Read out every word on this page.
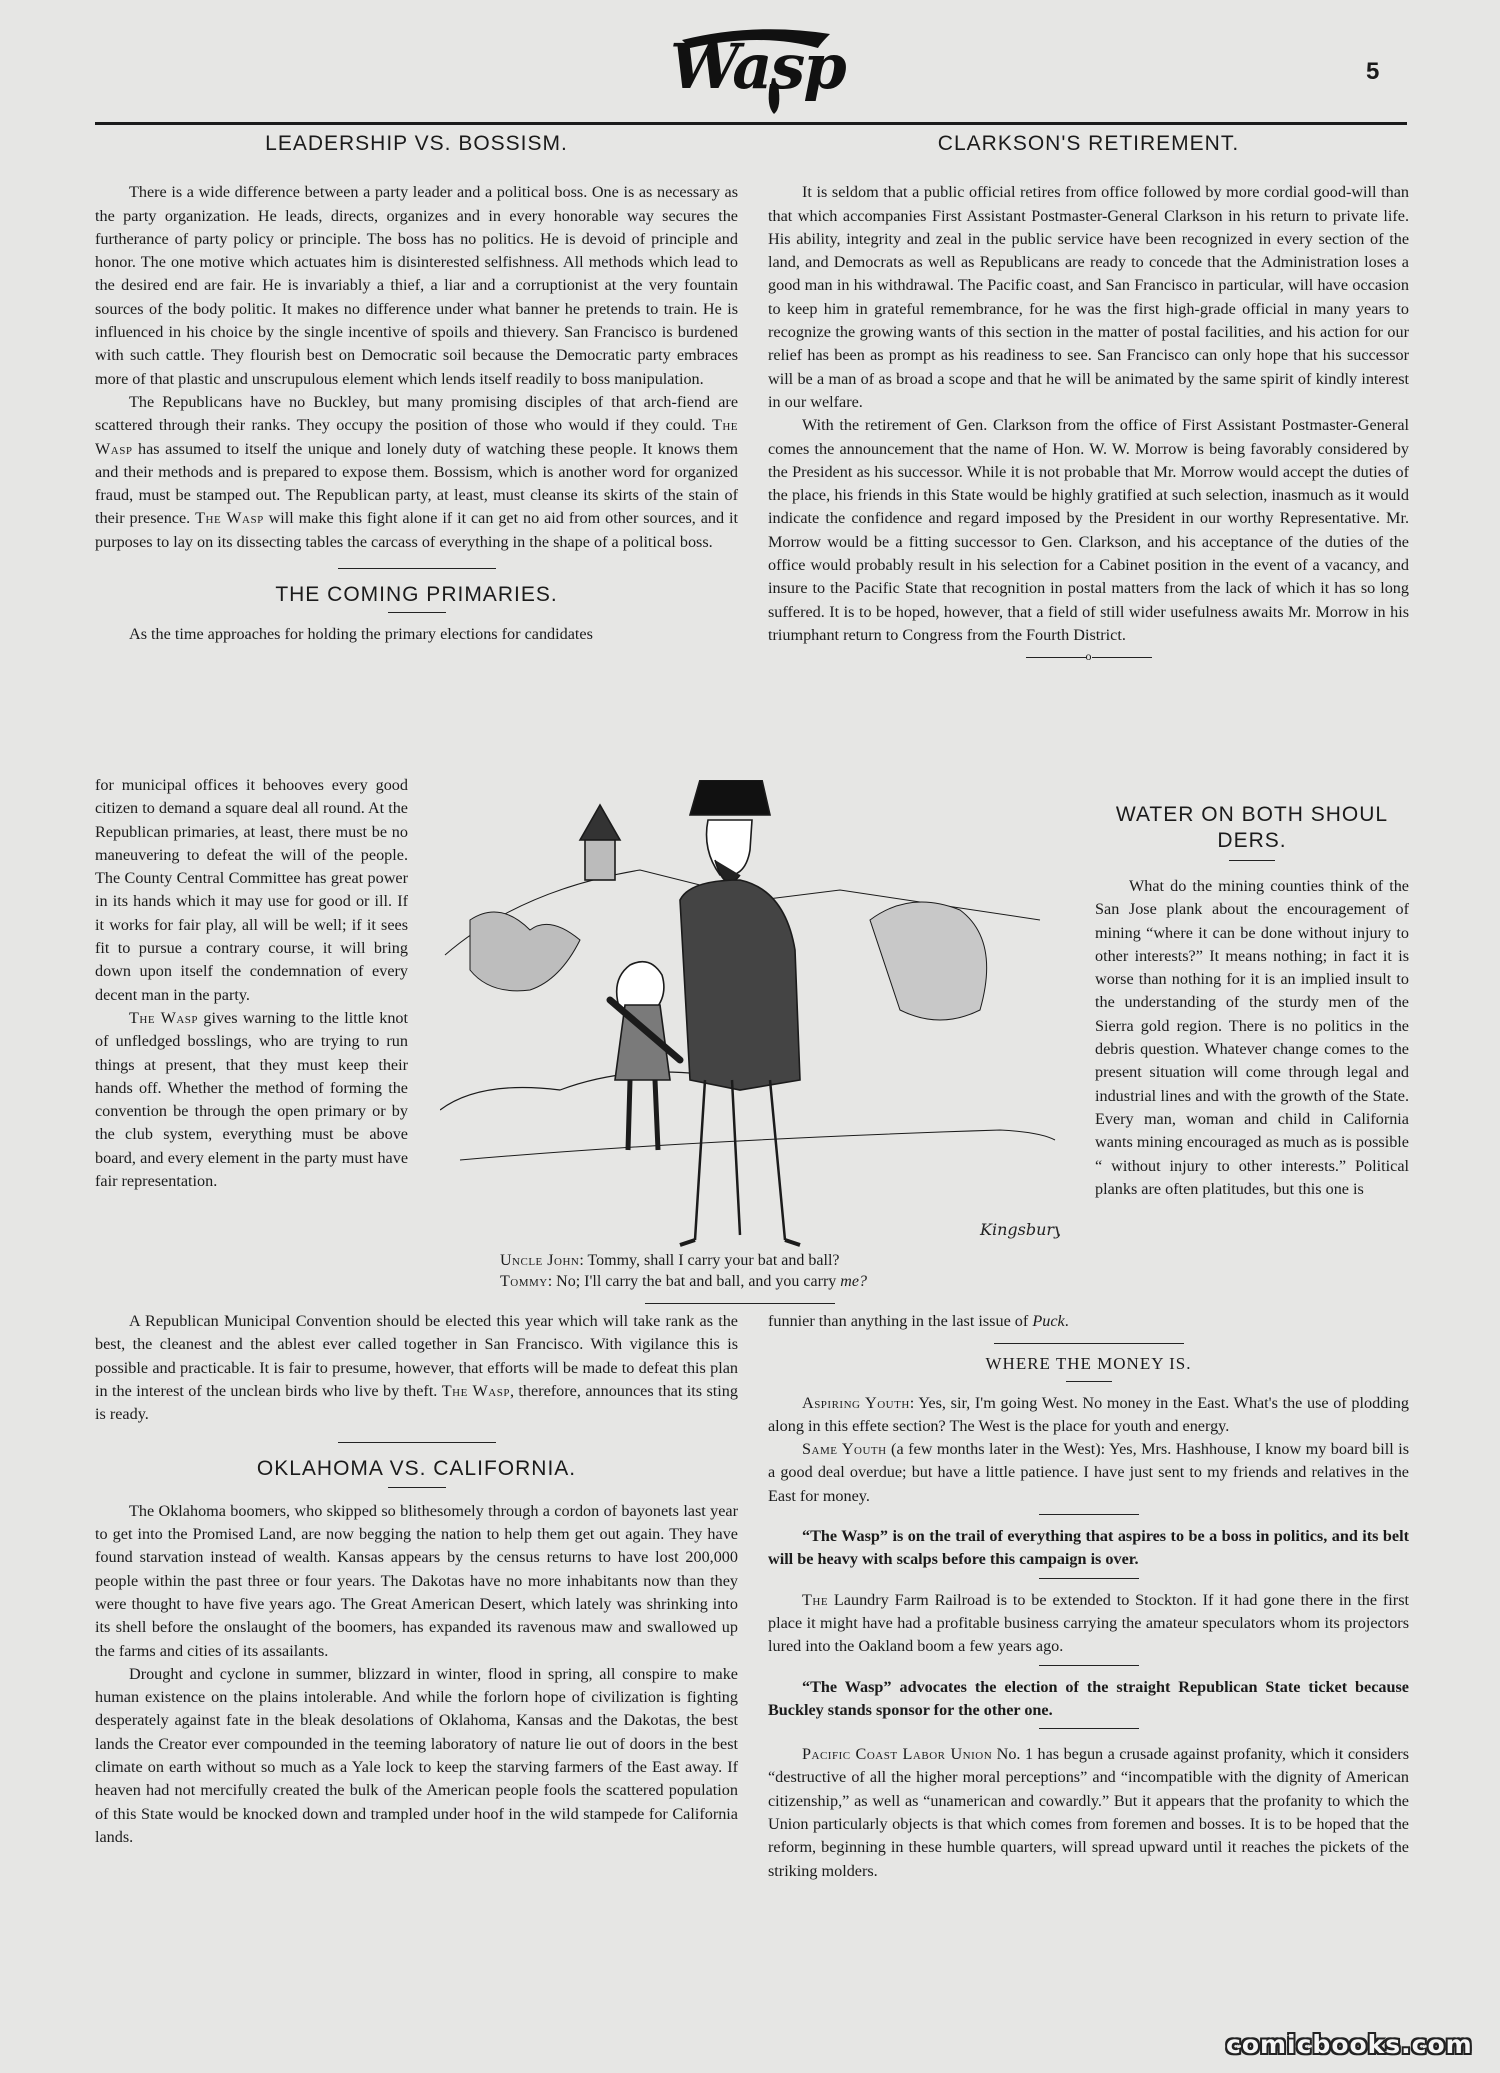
Wasp	5
LEADERSHIP VS. BOSSISM.

There is a wide difference between a party leader and a political boss. One is as necessary as the party organization. He leads, directs, organizes and in every honorable way secures the furtherance of party policy or principle. The boss has no politics. He is devoid of principle and honor. The one motive which actuates him is disinterested selfishness. All methods which lead to the desired end are fair. He is invariably a thief, a liar and a corruptionist at the very fountain sources of the body politic. It makes no difference under what banner he pretends to train. He is influenced in his choice by the single incentive of spoils and thievery. San Francisco is burdened with such cattle. They flourish best on Democratic soil because the Democratic party embraces more of that plastic and unscrupulous element which lends itself readily to boss manipulation.

The Republicans have no Buckley, but many promising disciples of that arch-fiend are scattered through their ranks. They occupy the position of those who would if they could. The Wasp has assumed to itself the unique and lonely duty of watching these people. It knows them and their methods and is prepared to expose them. Bossism, which is another word for organized fraud, must be stamped out. The Republican party, at least, must cleanse its skirts of the stain of their presence. The Wasp will make this fight alone if it can get no aid from other sources, and it purposes to lay on its dissecting tables the carcass of everything in the shape of a political boss.

THE COMING PRIMARIES.

As the time approaches for holding the primary elections for candidates

for municipal offices it behooves every good citizen to demand a square deal all round. At the Republican primaries, at least, there must be no maneuvering to defeat the will of the people. The County Central Committee has great power in its hands which it may use for good or ill. If it works for fair play, all will be well; if it sees fit to pursue a contrary course, it will bring down upon itself the condemnation of every decent man in the party.

The Wasp gives warning to the little knot of unfledged bosslings, who are trying to run things at present, that they must keep their hands off. Whether the method of forming the convention be through the open primary or by the club system, everything must be above board, and every element in the party must have fair representation.

A Republican Municipal Convention should be elected this year which will take rank as the best, the cleanest and the ablest ever called together in San Francisco. With vigilance this is possible and practicable. It is fair to presume, however, that efforts will be made to defeat this plan in the interest of the unclean birds who live by theft. The Wasp, therefore, announces that its sting is ready.

OKLAHOMA VS. CALIFORNIA.

The Oklahoma boomers, who skipped so blithesomely through a cordon of bayonets last year to get into the Promised Land, are now begging the nation to help them get out again. They have found starvation instead of wealth. Kansas appears by the census returns to have lost 200,000 people within the past three or four years. The Dakotas have no more inhabitants now than they were thought to have five years ago. The Great American Desert, which lately was shrinking into its shell before the onslaught of the boomers, has expanded its ravenous maw and swallowed up the farms and cities of its assailants.

Drought and cyclone in summer, blizzard in winter, flood in spring, all conspire to make human existence on the plains intolerable. And while the forlorn hope of civilization is fighting desperately against fate in the bleak desolations of Oklahoma, Kansas and the Dakotas, the best lands the Creator ever compounded in the teeming laboratory of nature lie out of doors in the best climate on earth without so much as a Yale lock to keep the starving farmers of the East away. If heaven had not mercifully created the bulk of the American people fools the scattered population of this State would be knocked down and trampled under hoof in the wild stampede for California lands.

CLARKSON'S RETIREMENT.

It is seldom that a public official retires from office followed by more cordial good-will than that which accompanies First Assistant Postmaster-General Clarkson in his return to private life. His ability, integrity and zeal in the public service have been recognized in every section of the land, and Democrats as well as Republicans are ready to concede that the Administration loses a good man in his withdrawal. The Pacific coast, and San Francisco in particular, will have occasion to keep him in grateful remembrance, for he was the first high-grade official in many years to recognize the growing wants of this section in the matter of postal facilities, and his action for our relief has been as prompt as his readiness to see. San Francisco can only hope that his successor will be a man of as broad a scope and that he will be animated by the same spirit of kindly interest in our welfare.

With the retirement of Gen. Clarkson from the office of First Assistant Postmaster-General comes the announcement that the name of Hon. W. W. Morrow is being favorably considered by the President as his successor. While it is not probable that Mr. Morrow would accept the duties of the place, his friends in this State would be highly gratified at such selection, inasmuch as it would indicate the confidence and regard imposed by the President in our worthy Representative. Mr. Morrow would be a fitting successor to Gen. Clarkson, and his acceptance of the duties of the office would probably result in his selection for a Cabinet position in the event of a vacancy, and insure to the Pacific State that recognition in postal matters from the lack of which it has so long suffered. It is to be hoped, however, that a field of still wider usefulness awaits Mr. Morrow in his triumphant return to Congress from the Fourth District.

o
WATER ON BOTH SHOUL
DERS.

What do the mining counties think of the San Jose plank about the encouragement of mining “where it can be done without injury to other interests?” It means nothing; in fact it is worse than nothing for it is an implied insult to the understanding of the sturdy men of the Sierra gold region. There is no politics in the debris question. Whatever change comes to the present situation will come through legal and industrial lines and with the growth of the State. Every man, woman and child in California wants mining encouraged as much as is possible “ without injury to other interests.” Political planks are often platitudes, but this one is

Kingsbury
Uncle John: Tommy, shall I carry your bat and ball?
Tommy: No; I'll carry the bat and ball, and you carry me?

funnier than anything in the last issue of Puck.

WHERE THE MONEY IS.

Aspiring Youth: Yes, sir, I'm going West. No money in the East. What's the use of plodding along in this effete section? The West is the place for youth and energy.

Same Youth (a few months later in the West): Yes, Mrs. Hashhouse, I know my board bill is a good deal overdue; but have a little patience. I have just sent to my friends and relatives in the East for money.

“The Wasp” is on the trail of everything that aspires to be a boss in politics, and its belt will be heavy with scalps before this campaign is over.

The Laundry Farm Railroad is to be extended to Stockton. If it had gone there in the first place it might have had a profitable business carrying the amateur speculators whom its projectors lured into the Oakland boom a few years ago.

“The Wasp” advocates the election of the straight Republican State ticket because Buckley stands sponsor for the other one.

Pacific Coast Labor Union No. 1 has begun a crusade against profanity, which it considers “destructive of all the higher moral perceptions” and “incompatible with the dignity of American citizenship,” as well as “unamerican and cowardly.” But it appears that the profanity to which the Union particularly objects is that which comes from foremen and bosses. It is to be hoped that the reform, beginning in these humble quarters, will spread upward until it reaches the pickets of the striking molders.

comicbooks.com
